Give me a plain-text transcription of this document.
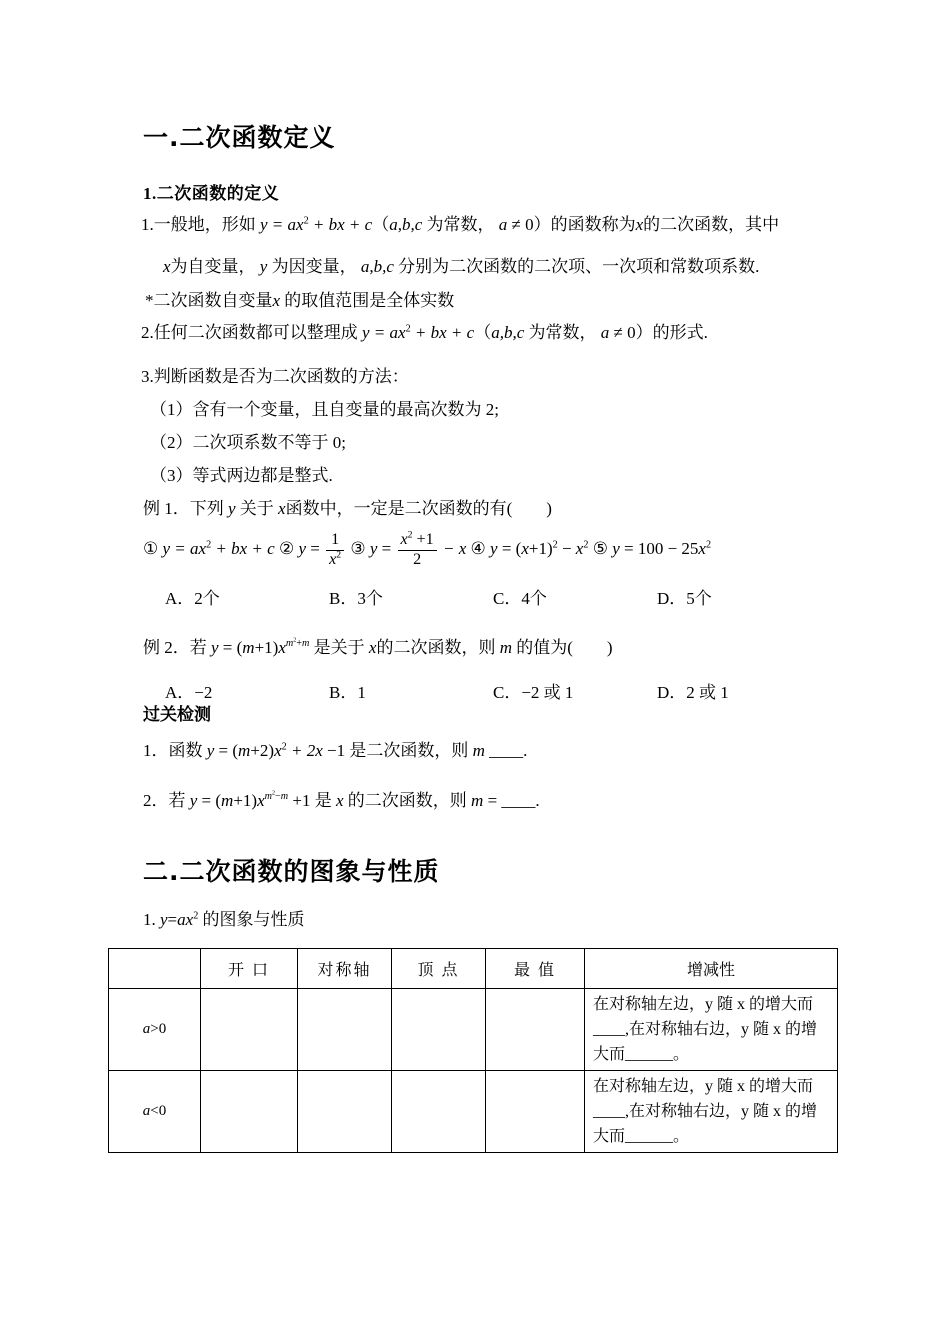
一.二次函数定义
1.二次函数的定义
1.一般地，形如 $y = ax^2$ + bx + c（a,b,c 为常数， a ≠ 0）的函数称为x的二次函数，其中
x为自变量， y 为因变量， a,b,c 分别为二次函数的二次项、一次项和常数项系数.
*二次函数自变量x 的取值范围是全体实数
2.任何二次函数都可以整理成 $y = ax^2$ + bx + c（a,b,c 为常数， a ≠ 0）的形式.
3.判断函数是否为二次函数的方法：
（1）含有一个变量，且自变量的最高次数为 2;
（2）二次项系数不等于 0;
（3）等式两边都是整式.
例 1．下列 y 关于 x函数中，一定是二次函数的有(　　)
① $y = ax^2$ + bx + c ② $y = \frac{1}{x^2}$ ③ $y = \frac{x^2 +1}{2} - x$ ④ $y = (x+1)^2 - x^2$ ⑤ $y = 100 - 25x^2$
A．2个	B．3个	C．4个	D．5个
例 2．若 $y = (m+1)x^{m^2+m}$ 是关于 x的二次函数，则 m 的值为(　　)
A．−2	B．1	C．−2 或 1	D．2 或 1
过关检测
1．函数 $y = (m+2)x^2 + 2x -1$ 是二次函数，则 m ____.
2．若 $y = (m+1)x^{m^2-m} +1$ 是 x 的二次函数，则 m = ____.
二.二次函数的图象与性质
1. $y=ax^2$ 的图象与性质
	开 口	对称轴	顶 点	最 值	增减性
a>0					在对称轴左边，y 随 x 的增大而____,在对称轴右边，y 随 x 的增大而______。
a<0					在对称轴左边，y 随 x 的增大而____,在对称轴右边，y 随 x 的增大而______。
